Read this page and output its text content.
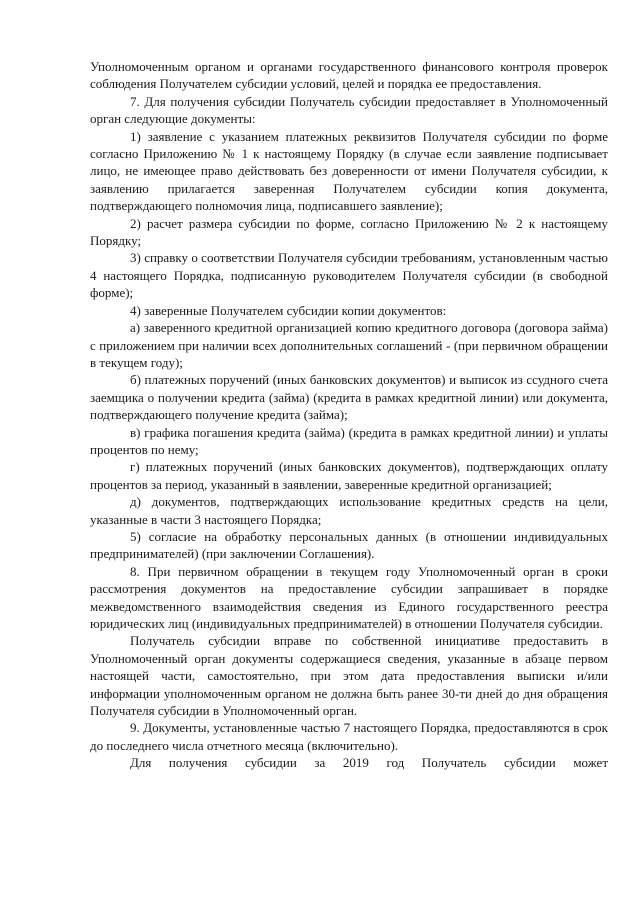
Уполномоченным органом и органами государственного финансового контроля проверок соблюдения Получателем субсидии условий, целей и порядка ее предоставления.

7. Для получения субсидии Получатель субсидии предоставляет в Уполномоченный орган следующие документы:

1) заявление с указанием платежных реквизитов Получателя субсидии по форме согласно Приложению № 1 к настоящему Порядку (в случае если заявление подписывает лицо, не имеющее право действовать без доверенности от имени Получателя субсидии, к заявлению прилагается заверенная Получателем субсидии копия документа, подтверждающего полномочия лица, подписавшего заявление);

2) расчет размера субсидии по форме, согласно Приложению № 2 к настоящему Порядку;

3) справку о соответствии Получателя субсидии требованиям, установленным частью 4 настоящего Порядка, подписанную руководителем Получателя субсидии (в свободной форме);

4) заверенные Получателем субсидии копии документов:

а) заверенного кредитной организацией копию кредитного договора (договора займа) с приложением при наличии всех дополнительных соглашений - (при первичном обращении в текущем году);

б) платежных поручений (иных банковских документов) и выписок из ссудного счета заемщика о получении кредита (займа) (кредита в рамках кредитной линии) или документа, подтверждающего получение кредита (займа);

в) графика погашения кредита (займа) (кредита в рамках кредитной линии) и уплаты процентов по нему;

г) платежных поручений (иных банковских документов), подтверждающих оплату процентов за период, указанный в заявлении, заверенные кредитной организацией;

д) документов, подтверждающих использование кредитных средств на цели, указанные в части 3 настоящего Порядка;

5) согласие на обработку персональных данных (в отношении индивидуальных предпринимателей) (при заключении Соглашения).

8. При первичном обращении в текущем году Уполномоченный орган в сроки рассмотрения документов на предоставление субсидии запрашивает в порядке межведомственного взаимодействия сведения из Единого государственного реестра юридических лиц (индивидуальных предпринимателей) в отношении Получателя субсидии.

Получатель субсидии вправе по собственной инициативе предоставить в Уполномоченный орган документы содержащиеся сведения, указанные в абзаце первом настоящей части, самостоятельно, при этом дата предоставления выписки и/или информации уполномоченным органом не должна быть ранее 30-ти дней до дня обращения Получателя субсидии в Уполномоченный орган.

9. Документы, установленные частью 7 настоящего Порядка, предоставляются в срок до последнего числа отчетного месяца (включительно).

Для получения субсидии за 2019 год Получатель субсидии может
